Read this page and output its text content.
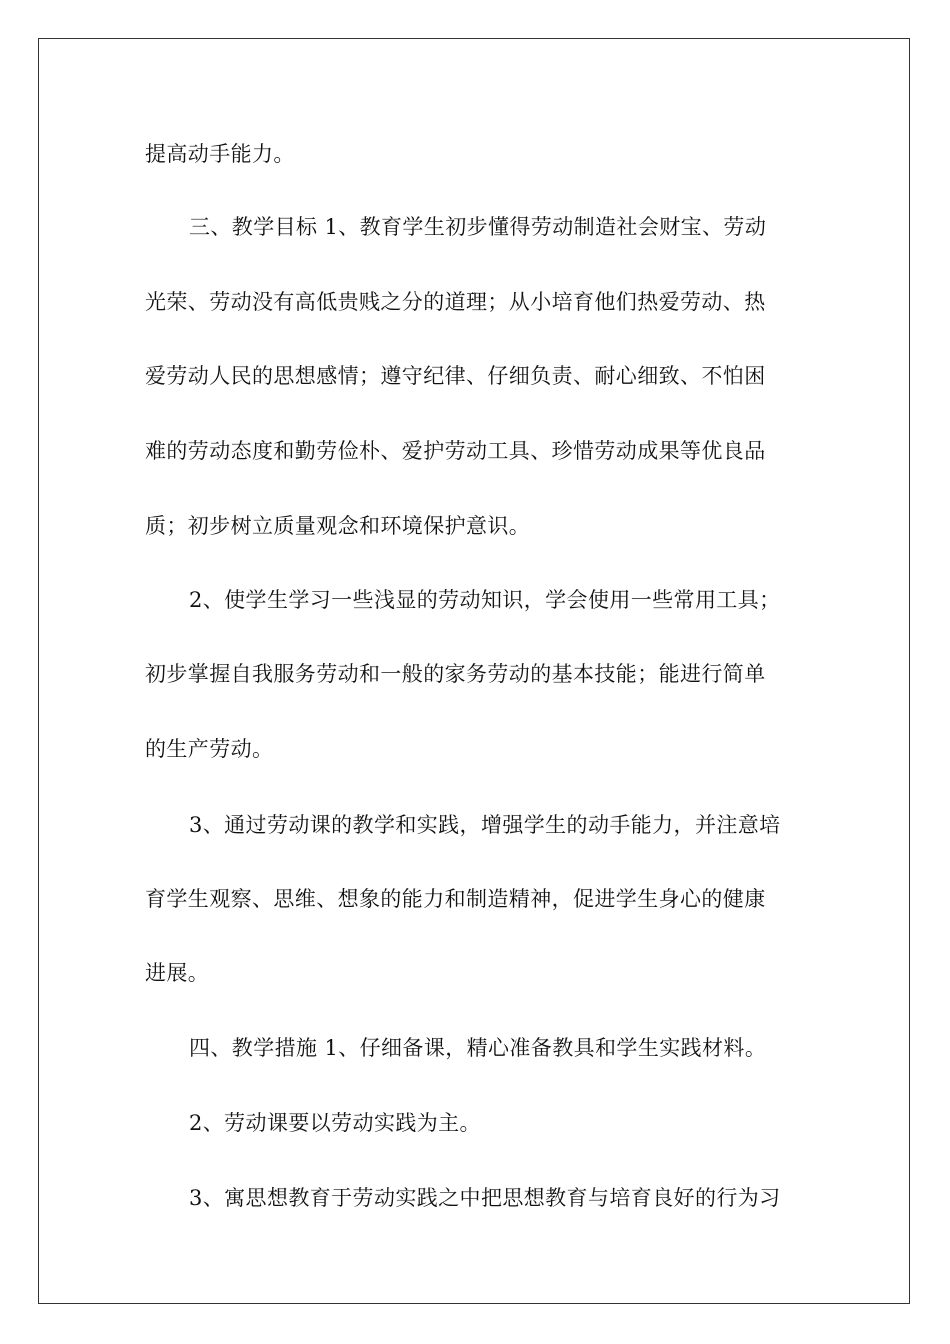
提高动手能力。
三、教学目标 1、教育学生初步懂得劳动制造社会财宝、劳动
光荣、劳动没有高低贵贱之分的道理；从小培育他们热爱劳动、热
爱劳动人民的思想感情；遵守纪律、仔细负责、耐心细致、不怕困
难的劳动态度和勤劳俭朴、爱护劳动工具、珍惜劳动成果等优良品
质；初步树立质量观念和环境保护意识。
2、使学生学习一些浅显的劳动知识，学会使用一些常用工具；
初步掌握自我服务劳动和一般的家务劳动的基本技能；能进行简单
的生产劳动。
3、通过劳动课的教学和实践，增强学生的动手能力，并注意培
育学生观察、思维、想象的能力和制造精神，促进学生身心的健康
进展。
四、教学措施 1、仔细备课，精心准备教具和学生实践材料。
2、劳动课要以劳动实践为主。
3、寓思想教育于劳动实践之中把思想教育与培育良好的行为习
